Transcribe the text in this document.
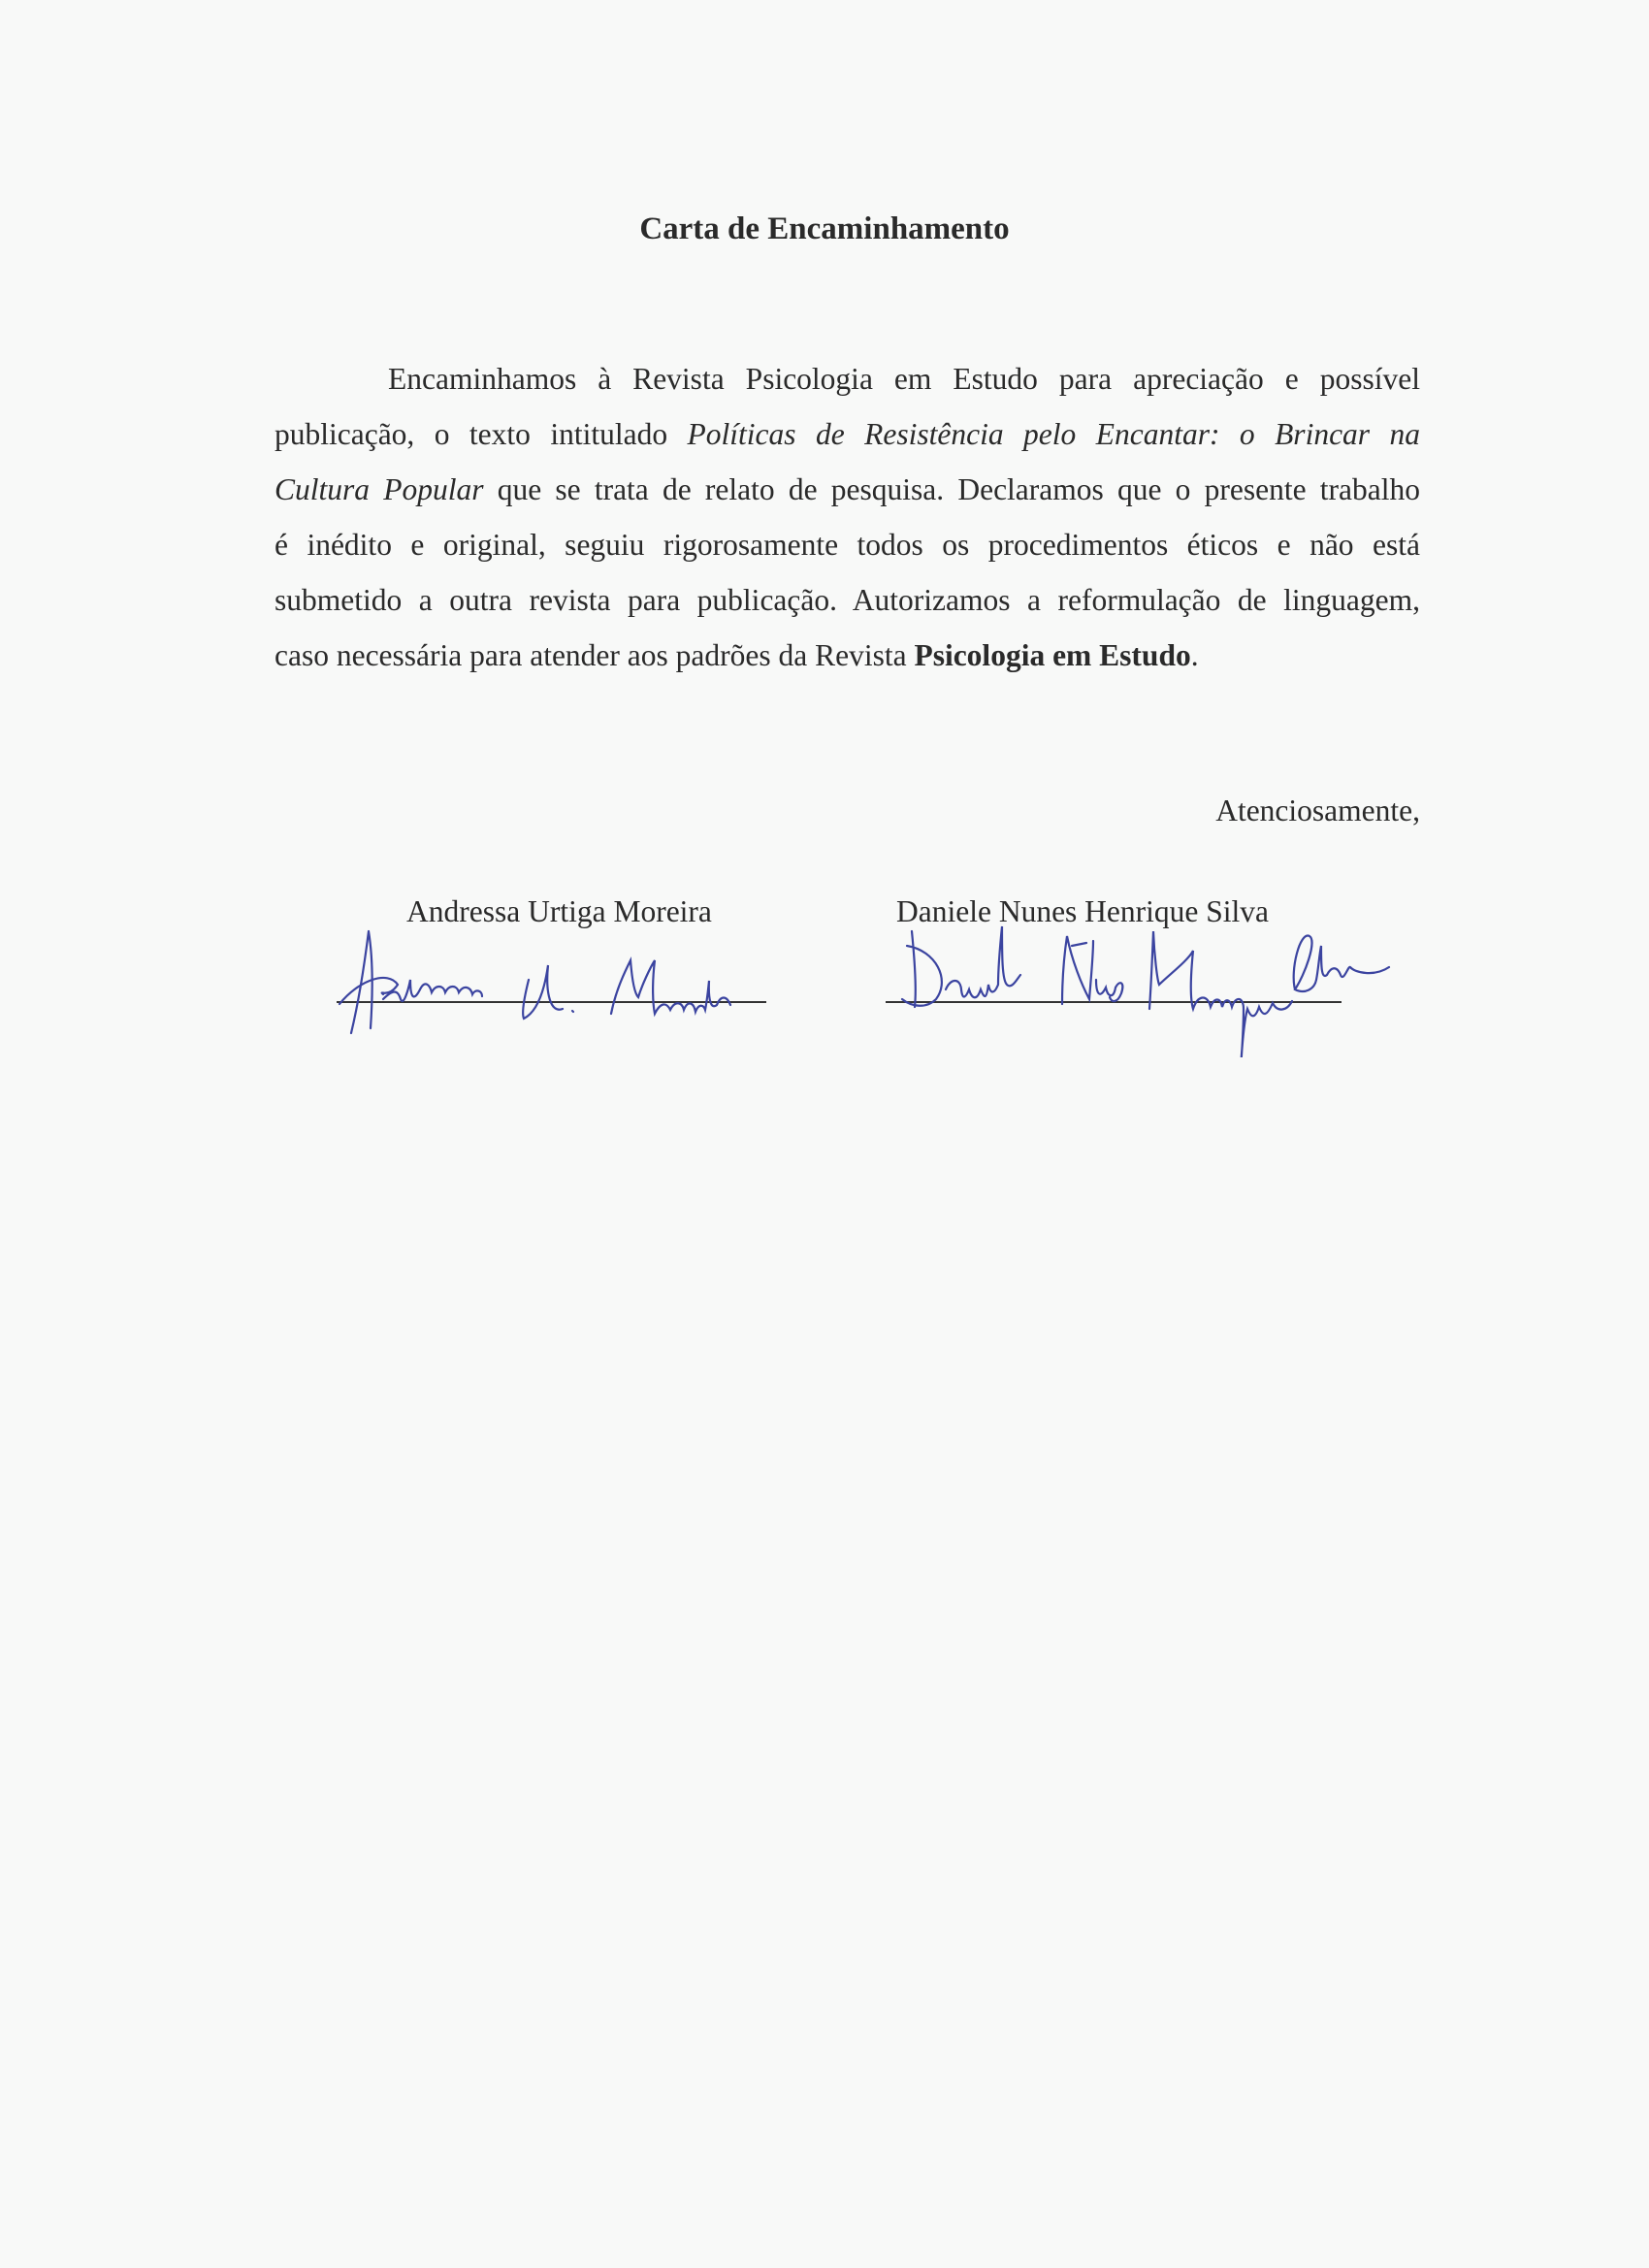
Carta de Encaminhamento
Encaminhamos à Revista Psicologia em Estudo para apreciação e possível
publicação, o texto intitulado Políticas de Resistência pelo Encantar: o Brincar na
Cultura Popular que se trata de relato de pesquisa. Declaramos que o presente trabalho
é inédito e original, seguiu rigorosamente todos os procedimentos éticos e não está
submetido a outra revista para publicação. Autorizamos a reformulação de linguagem,
caso necessária para atender aos padrões da Revista Psicologia em Estudo.
Atenciosamente,
Andressa Urtiga Moreira	Daniele Nunes Henrique Silva
